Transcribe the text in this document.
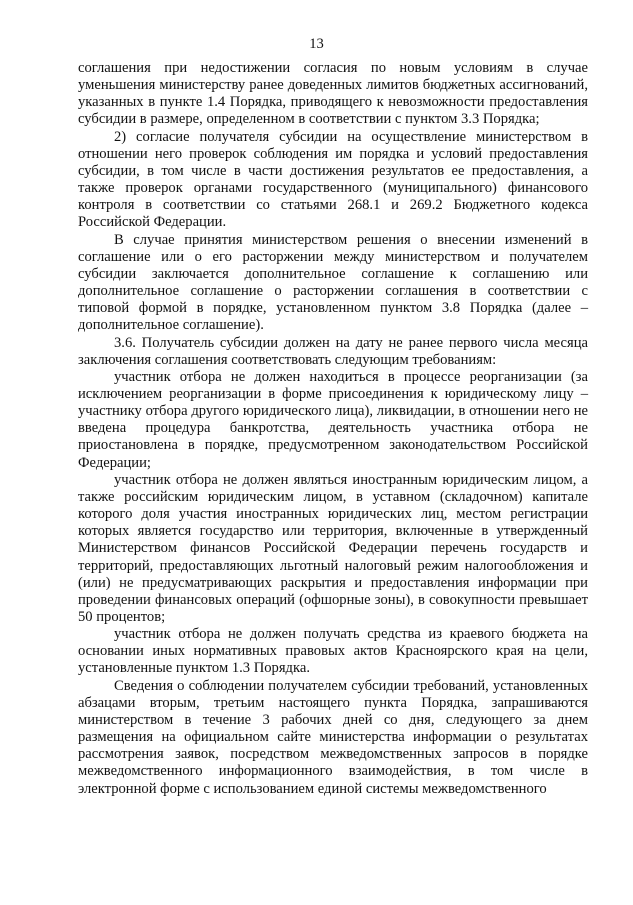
13

соглашения при недостижении согласия по новым условиям в случае уменьшения министерству ранее доведенных лимитов бюджетных ассигнований, указанных в пункте 1.4 Порядка, приводящего к невозможности предоставления субсидии в размере, определенном в соответствии с пунктом 3.3 Порядка;

2) согласие получателя субсидии на осуществление министерством в отношении него проверок соблюдения им порядка и условий предоставления субсидии, в том числе в части достижения результатов ее предоставления, а также проверок органами государственного (муниципального) финансового контроля в соответствии со статьями 268.1 и 269.2 Бюджетного кодекса Российской Федерации.

В случае принятия министерством решения о внесении изменений в соглашение или о его расторжении между министерством и получателем субсидии заключается дополнительное соглашение к соглашению или дополнительное соглашение о расторжении соглашения в соответствии с типовой формой в порядке, установленном пунктом 3.8 Порядка (далее – дополнительное соглашение).

3.6. Получатель субсидии должен на дату не ранее первого числа месяца заключения соглашения соответствовать следующим требованиям:

участник отбора не должен находиться в процессе реорганизации (за исключением реорганизации в форме присоединения к юридическому лицу – участнику отбора другого юридического лица), ликвидации, в отношении него не введена процедура банкротства, деятельность участника отбора не приостановлена в порядке, предусмотренном законодательством Российской Федерации;

участник отбора не должен являться иностранным юридическим лицом, а также российским юридическим лицом, в уставном (складочном) капитале которого доля участия иностранных юридических лиц, местом регистрации которых является государство или территория, включенные в утвержденный Министерством финансов Российской Федерации перечень государств и территорий, предоставляющих льготный налоговый режим налогообложения и (или) не предусматривающих раскрытия и предоставления информации при проведении финансовых операций (офшорные зоны), в совокупности превышает 50 процентов;

участник отбора не должен получать средства из краевого бюджета на основании иных нормативных правовых актов Красноярского края на цели, установленные пунктом 1.3 Порядка.

Сведения о соблюдении получателем субсидии требований, установленных абзацами вторым, третьим настоящего пункта Порядка, запрашиваются министерством в течение 3 рабочих дней со дня, следующего за днем размещения на официальном сайте министерства информации о результатах рассмотрения заявок, посредством межведомственных запросов в порядке межведомственного информационного взаимодействия, в том числе в электронной форме с использованием единой системы межведомственного
